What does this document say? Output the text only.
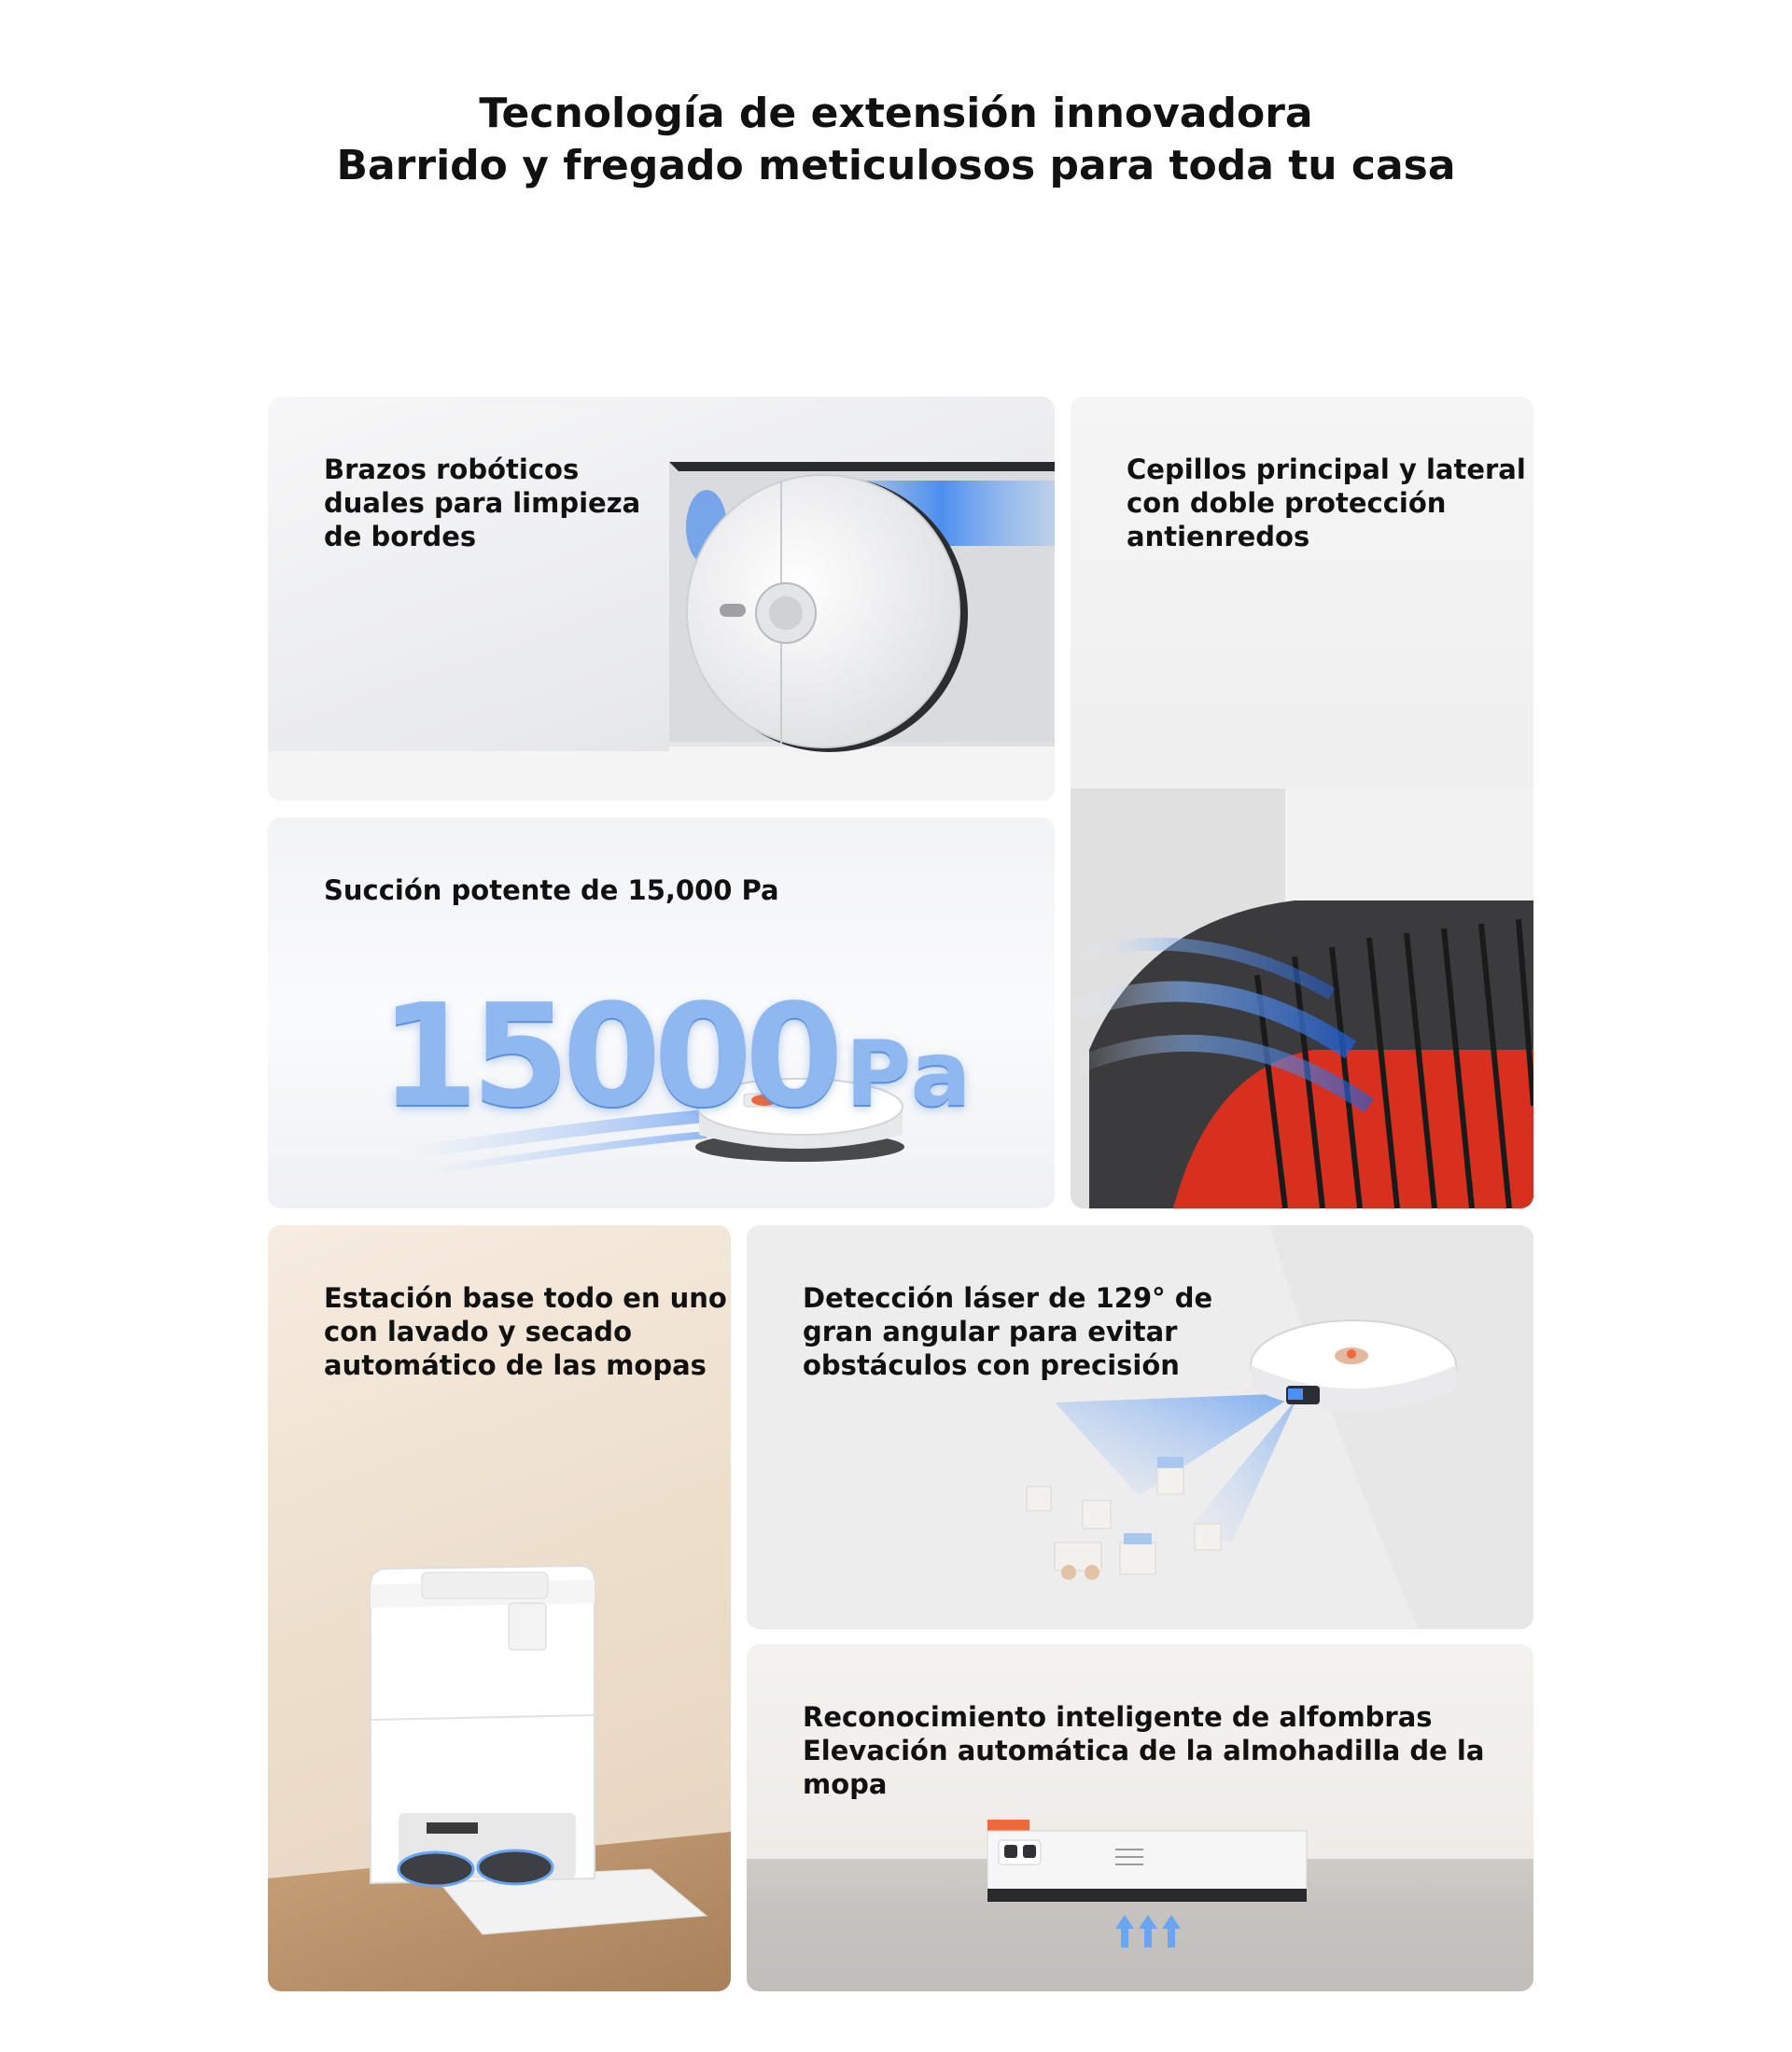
Tecnología de extensión innovadora
Barrido y fregado meticulosos para toda tu casa
Brazos robóticos
duales para limpieza
de bordes
Cepillos principal y lateral
con doble protección
antienredos
15000 Pa
Succión potente de 15,000 Pa
Estación base todo en uno
con lavado y secado
automático de las mopas
Detección láser de 129° de
gran angular para evitar
obstáculos con precisión
Reconocimiento inteligente de alfombras
Elevación automática de la almohadilla de la mopa
